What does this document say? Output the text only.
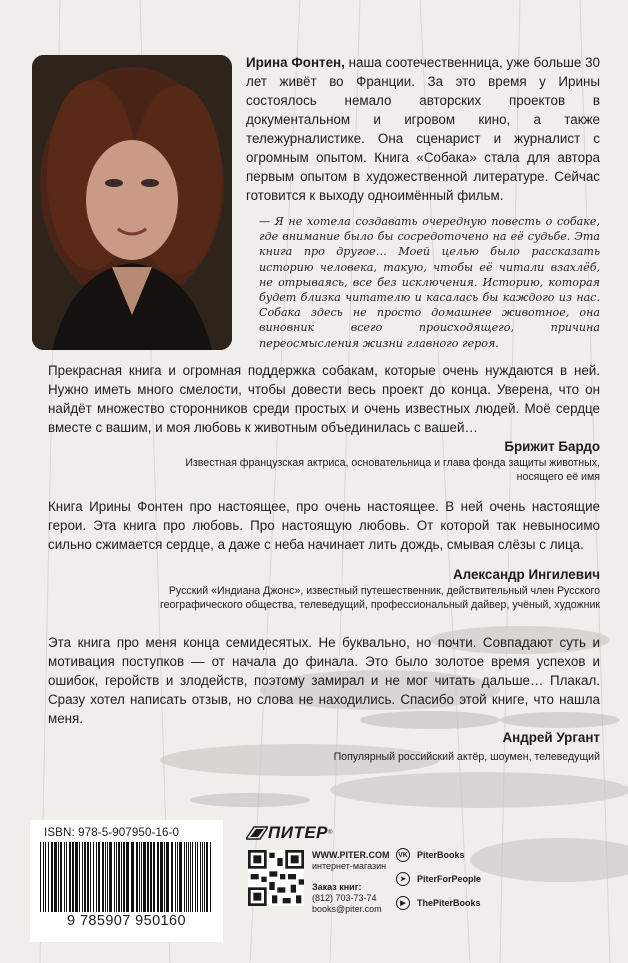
Ирина Фонтен, наша соотечественница, уже больше 30 лет живёт во Франции. За это время у Ирины состоялось немало авторских проектов в документальном и игровом кино, а также тележурналистике. Она сценарист и журналист с огромным опытом. Книга «Собака» стала для автора первым опытом в художественной литературе. Сейчас готовится к выходу одноимённый фильм.
— Я не хотела создавать очередную повесть о собаке, где внимание было бы сосредоточено на её судьбе. Эта книга про другое… Моей целью было рассказать историю человека, такую, чтобы её читали взахлёб, не отрываясь, все без исключения. Историю, которая будет близка читателю и касалась бы каждого из нас. Собака здесь не просто домашнее животное, она виновник всего происходящего, причина переосмысления жизни главного героя.
Прекрасная книга и огромная поддержка собакам, которые очень нуждаются в ней. Нужно иметь много смелости, чтобы довести весь проект до конца. Уверена, что он найдёт множество сторонников среди простых и очень известных людей. Моё сердце вместе с вашим, и моя любовь к животным объединилась с вашей…
Брижит Бардо
Известная французская актриса, основательница и глава фонда защиты животных, носящего её имя
Книга Ирины Фонтен про настоящее, про очень настоящее. В ней очень настоящие герои. Эта книга про любовь. Про настоящую любовь. От которой так невыносимо сильно сжимается сердце, а даже с неба начинает лить дождь, смывая слёзы с лица.
Александр Ингилевич
Русский «Индиана Джонс», известный путешественник, действительный член Русского географического общества, телеведущий, профессиональный дайвер, учёный, художник
Эта книга про меня конца семидесятых. Не буквально, но почти. Совпадают суть и мотивация поступков — от начала до финала. Это было золотое время успехов и ошибок, геройств и злодейств, поэтому замирал и не мог читать дальше… Плакал. Сразу хотел написать отзыв, но слова не находились. Спасибо этой книге, что нашла меня.
Андрей Ургант
Популярный российский актёр, шоумен, телеведущий
ISBN: 978-5-907950-16-0
9 785907 950160
ПИТЕР ®
WWW.PITER.COM
интернет-магазин
Заказ книг:
(812) 703-73-74
books@piter.com
VK PiterBooks
➤	PiterForPeople
▶	ThePiterBooks
